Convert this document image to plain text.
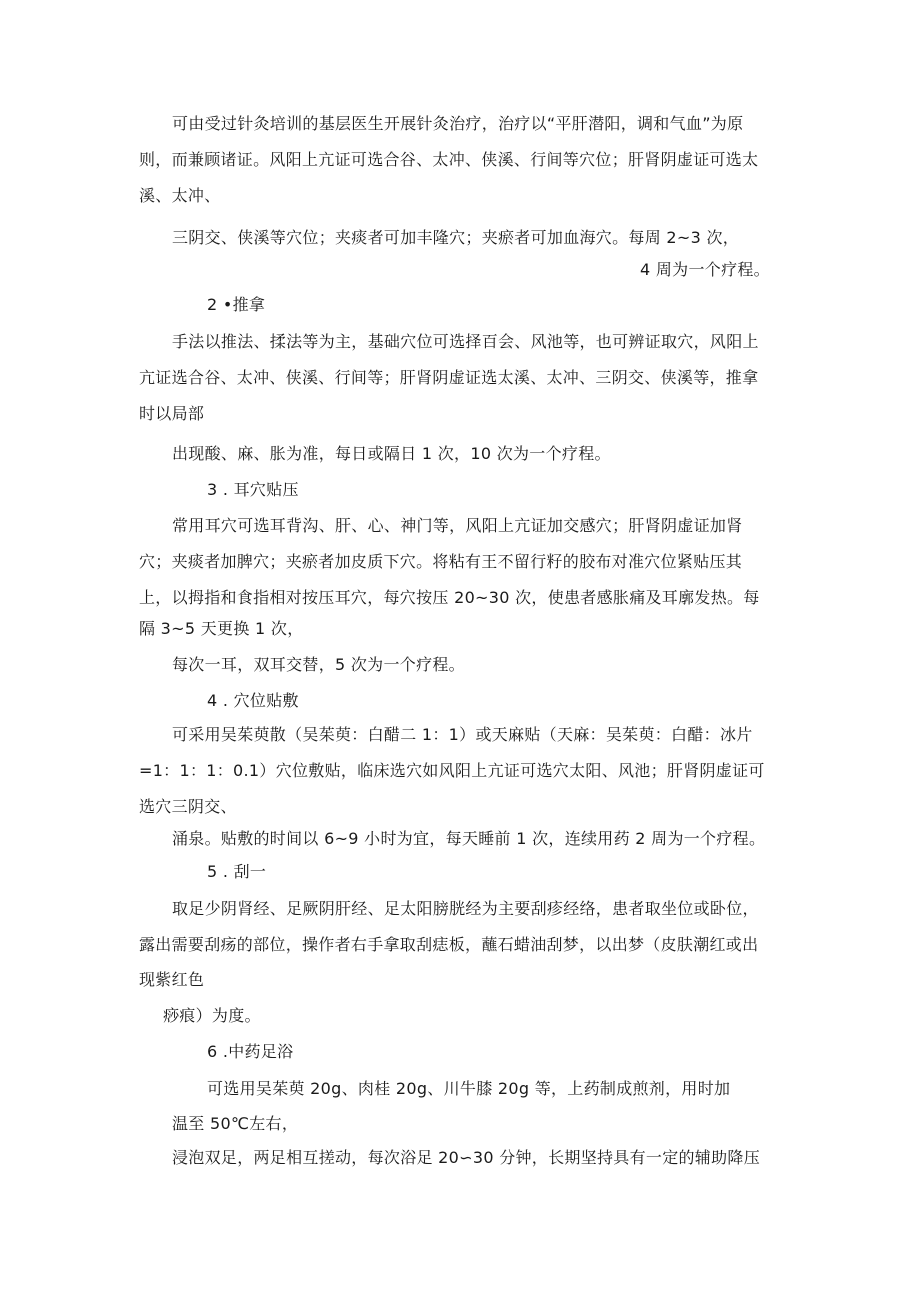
可由受过针灸培训的基层医生开展针灸治疗，治疗以“平肝潜阳，调和气血”为原
则，而兼顾诸证。风阳上亢证可选合谷、太冲、侠溪、行间等穴位；肝肾阴虚证可选太
溪、太冲、
三阴交、侠溪等穴位；夹痰者可加丰隆穴；夹瘀者可加血海穴。每周 2~3 次，
4 周为一个疗程。
2 •推拿
手法以推法、揉法等为主，基础穴位可选择百会、风池等，也可辨证取穴，风阳上
亢证选合谷、太冲、侠溪、行间等；肝肾阴虚证选太溪、太冲、三阴交、侠溪等，推拿
时以局部
出现酸、麻、胀为准，每日或隔日 1 次，10 次为一个疗程。
3 . 耳穴贴压
常用耳穴可选耳背沟、肝、心、神门等，风阳上亢证加交感穴；肝肾阴虚证加肾
穴；夹痰者加脾穴；夹瘀者加皮质下穴。将粘有王不留行籽的胶布对准穴位紧贴压其
上，以拇指和食指相对按压耳穴，每穴按压 20~30 次，使患者感胀痛及耳廓发热。每
隔 3~5 天更换 1 次，
每次一耳，双耳交替，5 次为一个疗程。
4 . 穴位贴敷
可采用吴茱萸散（吴茱萸：白醋二 1：1）或天麻贴（天麻：吴茱萸：白醋：冰片
=1：1：1：0.1）穴位敷贴，临床选穴如风阳上亢证可选穴太阳、风池；肝肾阴虚证可
选穴三阴交、
涌泉。贴敷的时间以 6~9 小时为宜，每天睡前 1 次，连续用药 2 周为一个疗程。
5 . 刮一
取足少阴肾经、足厥阴肝经、足太阳膀胱经为主要刮疹经络，患者取坐位或卧位，
露出需要刮疡的部位，操作者右手拿取刮痣板，蘸石蜡油刮梦，以出梦（皮肤潮红或出
现紫红色
痧痕）为度。
6 .中药足浴
可选用吴茱萸 20g、肉桂 20g、川牛膝 20g 等，上药制成煎剂，用时加
温至 50℃左右，
浸泡双足，两足相互搓动，每次浴足 20∽30 分钟，长期坚持具有一定的辅助降压
